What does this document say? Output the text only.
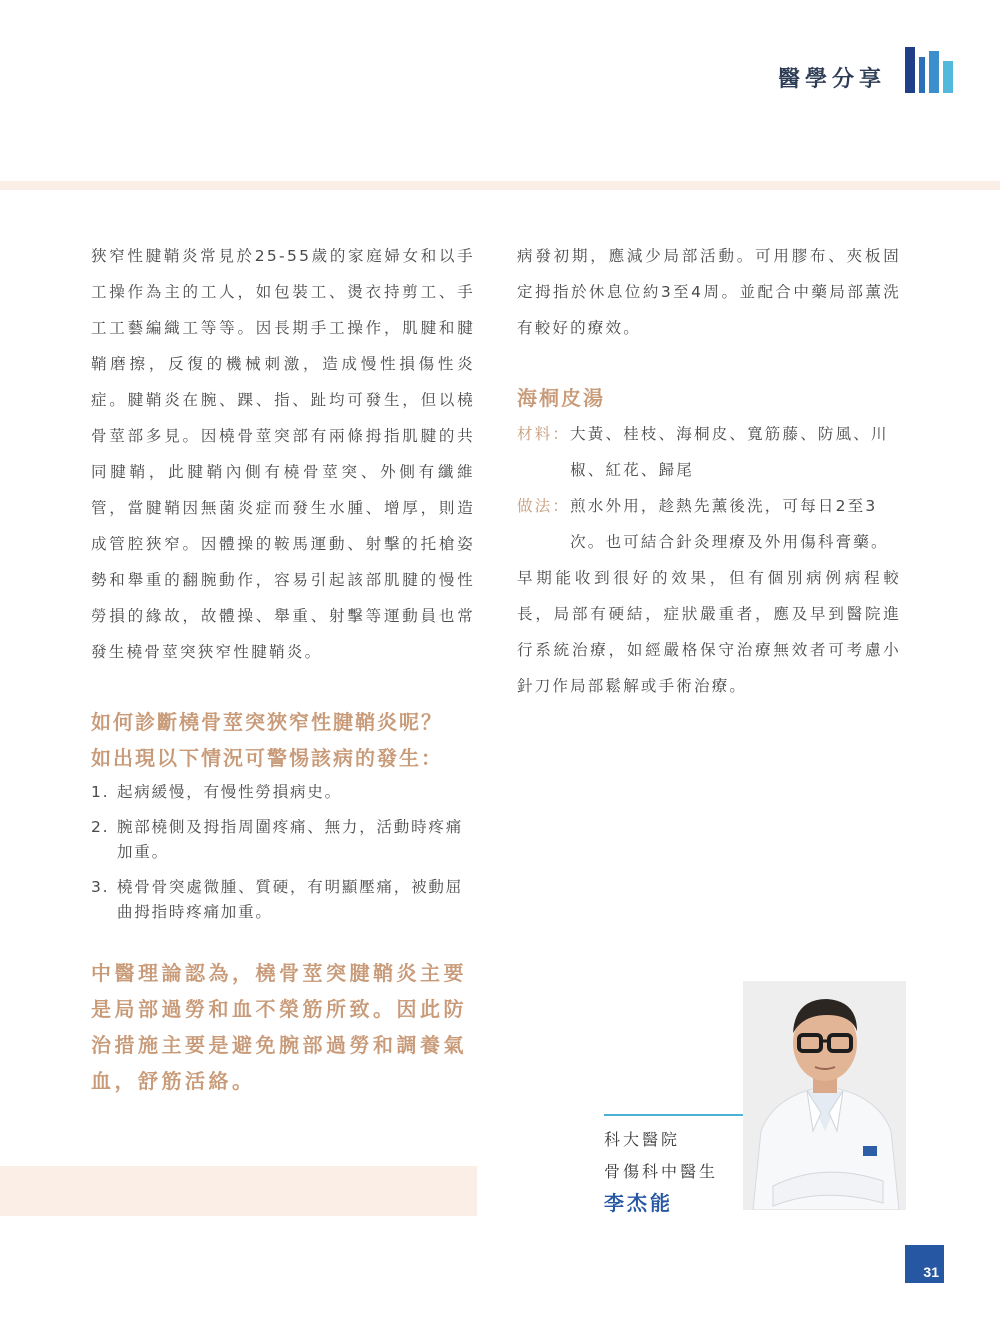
醫學分享

狹窄性腱鞘炎常見於25-55歲的家庭婦女和以手工操作為主的工人，如包裝工、燙衣持剪工、手工工藝編織工等等。因長期手工操作，肌腱和腱鞘磨擦，反復的機械刺激，造成慢性損傷性炎症。腱鞘炎在腕、踝、指、趾均可發生，但以橈骨莖部多見。因橈骨莖突部有兩條拇指肌腱的共同腱鞘，此腱鞘內側有橈骨莖突、外側有纖維管，當腱鞘因無菌炎症而發生水腫、增厚，則造成管腔狹窄。因體操的鞍馬運動、射擊的托槍姿勢和舉重的翻腕動作，容易引起該部肌腱的慢性勞損的緣故，故體操、舉重、射擊等運動員也常發生橈骨莖突狹窄性腱鞘炎。

如何診斷橈骨莖突狹窄性腱鞘炎呢？
如出現以下情況可警惕該病的發生：
1. 起病緩慢，有慢性勞損病史。
2. 腕部橈側及拇指周圍疼痛、無力，活動時疼痛加重。
3. 橈骨骨突處微腫、質硬，有明顯壓痛，被動屈曲拇指時疼痛加重。
中醫理論認為，橈骨莖突腱鞘炎主要是局部過勞和血不榮筋所致。因此防治措施主要是避免腕部過勞和調養氣血，舒筋活絡。

病發初期，應減少局部活動。可用膠布、夾板固定拇指於休息位約3至4周。並配合中藥局部薰洗有較好的療效。

海桐皮湯
材料： 大黃、桂枝、海桐皮、寬筋藤、防風、川椒、紅花、歸尾
做法： 煎水外用，趁熱先薰後洗，可每日2至3次。也可結合針灸理療及外用傷科膏藥。

早期能收到很好的效果，但有個別病例病程較長，局部有硬結，症狀嚴重者，應及早到醫院進行系統治療，如經嚴格保守治療無效者可考慮小針刀作局部鬆解或手術治療。

科大醫院
骨傷科中醫生
李杰能
31
